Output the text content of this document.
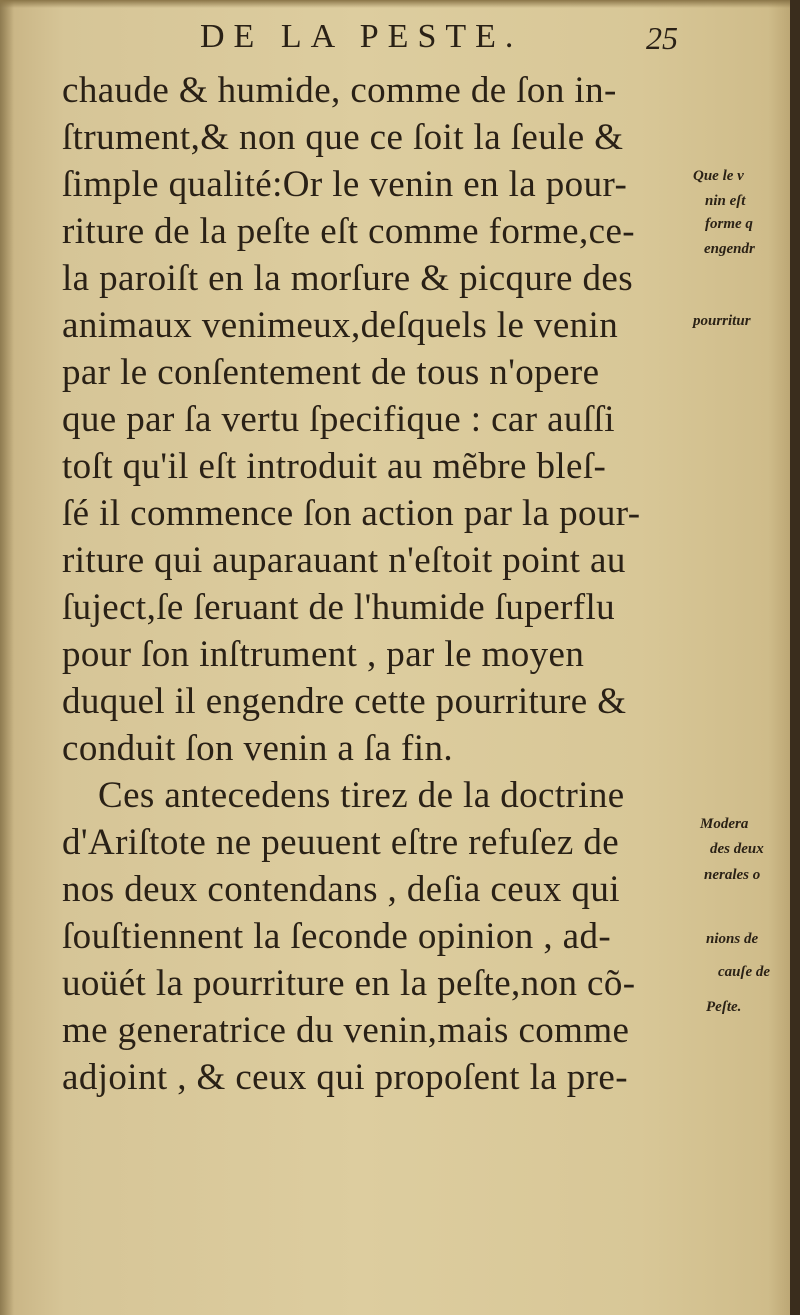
DE LA PESTE.	25
chaude & humide, comme de ſon in-
ſtrument,& non que ce ſoit la ſeule &
ſimple qualité:Or le venin en la pour-
riture de la peſte eſt comme forme,ce-
la paroiſt en la morſure & picqure des
animaux venimeux,deſquels le venin
par le conſentement de tous n'opere
que par ſa vertu ſpecifique : car auſſi
toſt qu'il eſt introduit au mẽbre bleſ-
ſé il commence ſon action par la pour-
riture qui auparauant n'eſtoit point au
ſuject,ſe ſeruant de l'humide ſuperflu
pour ſon inſtrument , par le moyen
duquel il engendre cette pourriture &
conduit ſon venin a ſa fin.
Ces antecedens tirez de la doctrine
d'Ariſtote ne peuuent eſtre refuſez de
nos deux contendans , deſia ceux qui
ſouſtiennent la ſeconde opinion , ad-
uoüét la pourriture en la peſte,non cõ-
me generatrice du venin,mais comme
adjoint , & ceux qui propoſent la pre-
Que le v
nin eſt
forme q
engendr
pourritur
Modera
des deux
nerales o
nions de
cauſe de
Peſte.
